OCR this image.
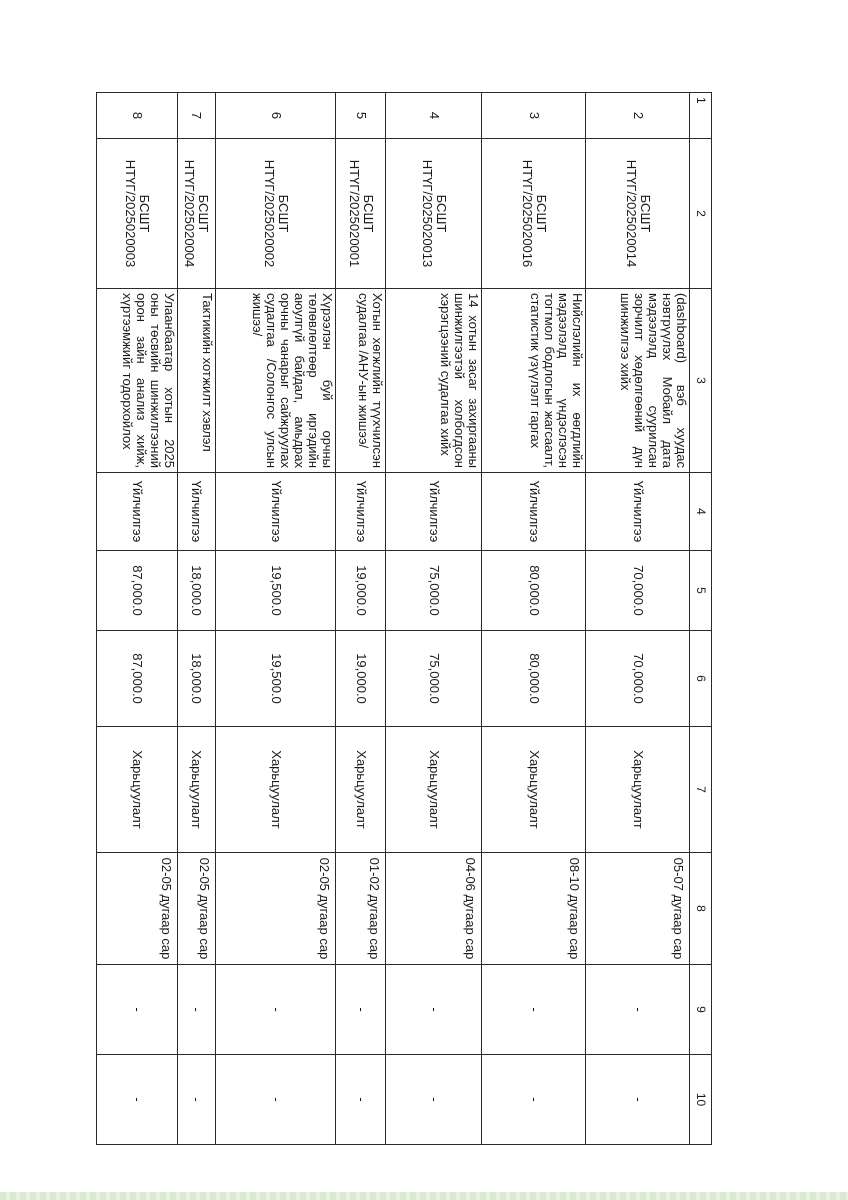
1	2	3	4	5	6	7	8	9	10
2	БСШТ НТҮГ/2025020014	(dashboard) вэб хуудас нэвтрүүлэх Мобайл дата мэдээлэлд суурилсан зорчилт хөдөлгөөний дүн шинжилгээ хийх	Үйлчилгээ	70,000.0	70,000.0	Харьцуулалт	05-07 дугаар сар	-	-
3	БСШТ НТҮГ/2025020016	Нийслэлийн их өөгдлийн мэдээлэлд үндэслэсэн тогтмол бодлогын жагсаалт, статистик үзүүлэлт гаргах	Үйлчилгээ	80,000.0	80,000.0	Харьцуулалт	08-10 дугаар сар	-	-
4	БСШТ НТҮГ/2025020013	14 хотын засаг захиргааны шинжилгээтэй холбогдсон хэрэгцээний судалгаа хийх	Үйлчилгээ	75,000.0	75,000.0	Харьцуулалт	04-06 дугаар сар	-	-
5	БСШТ НТҮГ/2025020001	Хотын хөгжлийн түүхчилсэн судалгаа /АНУ-ын жишээ/	Үйлчилгээ	19,000.0	19,000.0	Харьцуулалт	01-02 дугаар сар	-	-
6	БСШТ НТҮГ/2025020002	Хүрээлэн буй орчны төлөвлөлтөөр иргэдийн аюулгүй байдал, амьдрах орчны чанарыг сайжруулах судалгаа /Солонгос улсын жишээ/	Үйлчилгээ	19,500.0	19,500.0	Харьцуулалт	02-05 дугаар сар	-	-
7	БСШТ НТҮГ/2025020004	Тактикийн хотжилт хэвлэл	Үйлчилгээ	18,000.0	18,000.0	Харьцуулалт	02-05 дугаар сар	-	-
8	БСШТ НТҮГ/2025020003	Улаанбаатар хотын 2025 оны төсвийн шинжилгээний орон зайн анализ хийж, хүртээмжийг тодорхойлох	Үйлчилгээ	87,000.0	87,000.0	Харьцуулалт	02-05 дугаар сар	-	-
